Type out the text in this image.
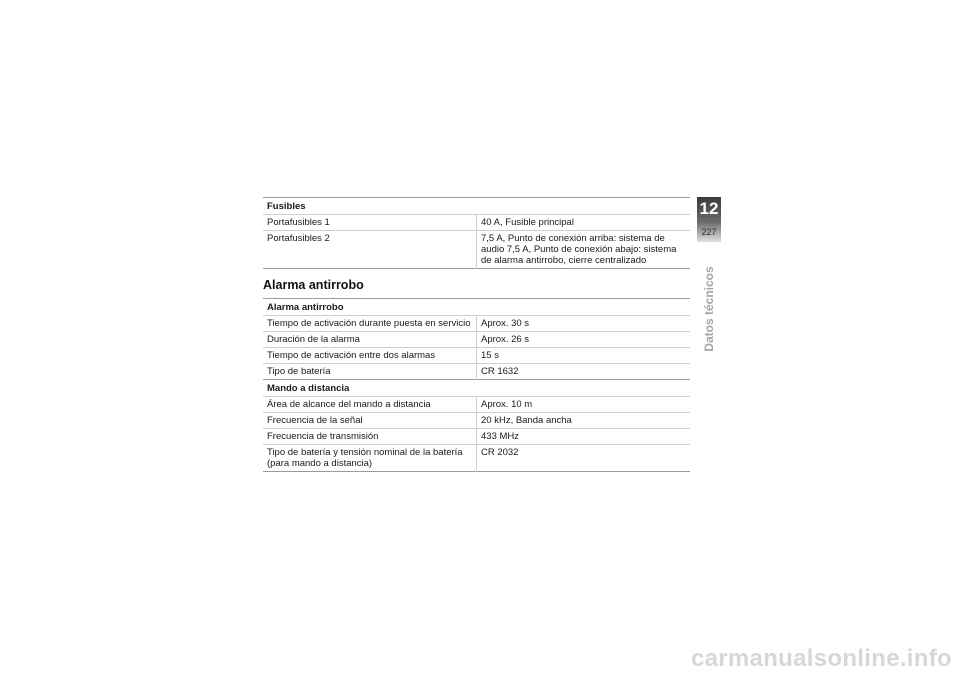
Fusibles	
Portafusibles 1	40 A, Fusible principal
Portafusibles 2	7,5 A, Punto de conexión arriba: sistema de audio 7,5 A, Punto de conexión abajo: sistema de alarma antirrobo, cierre centralizado
Alarma antirrobo
Alarma antirrobo	
Tiempo de activación durante puesta en servicio	Aprox. 30 s
Duración de la alarma	Aprox. 26 s
Tiempo de activación entre dos alarmas	15 s
Tipo de batería	CR 1632
Mando a distancia	
Área de alcance del mando a distancia	Aprox. 10 m
Frecuencia de la señal	20 kHz, Banda ancha
Frecuencia de transmisión	433 MHz
Tipo de batería y tensión nominal de la batería (para mando a distancia)	CR 2032
12
227
Datos técnicos
carmanualsonline.info
